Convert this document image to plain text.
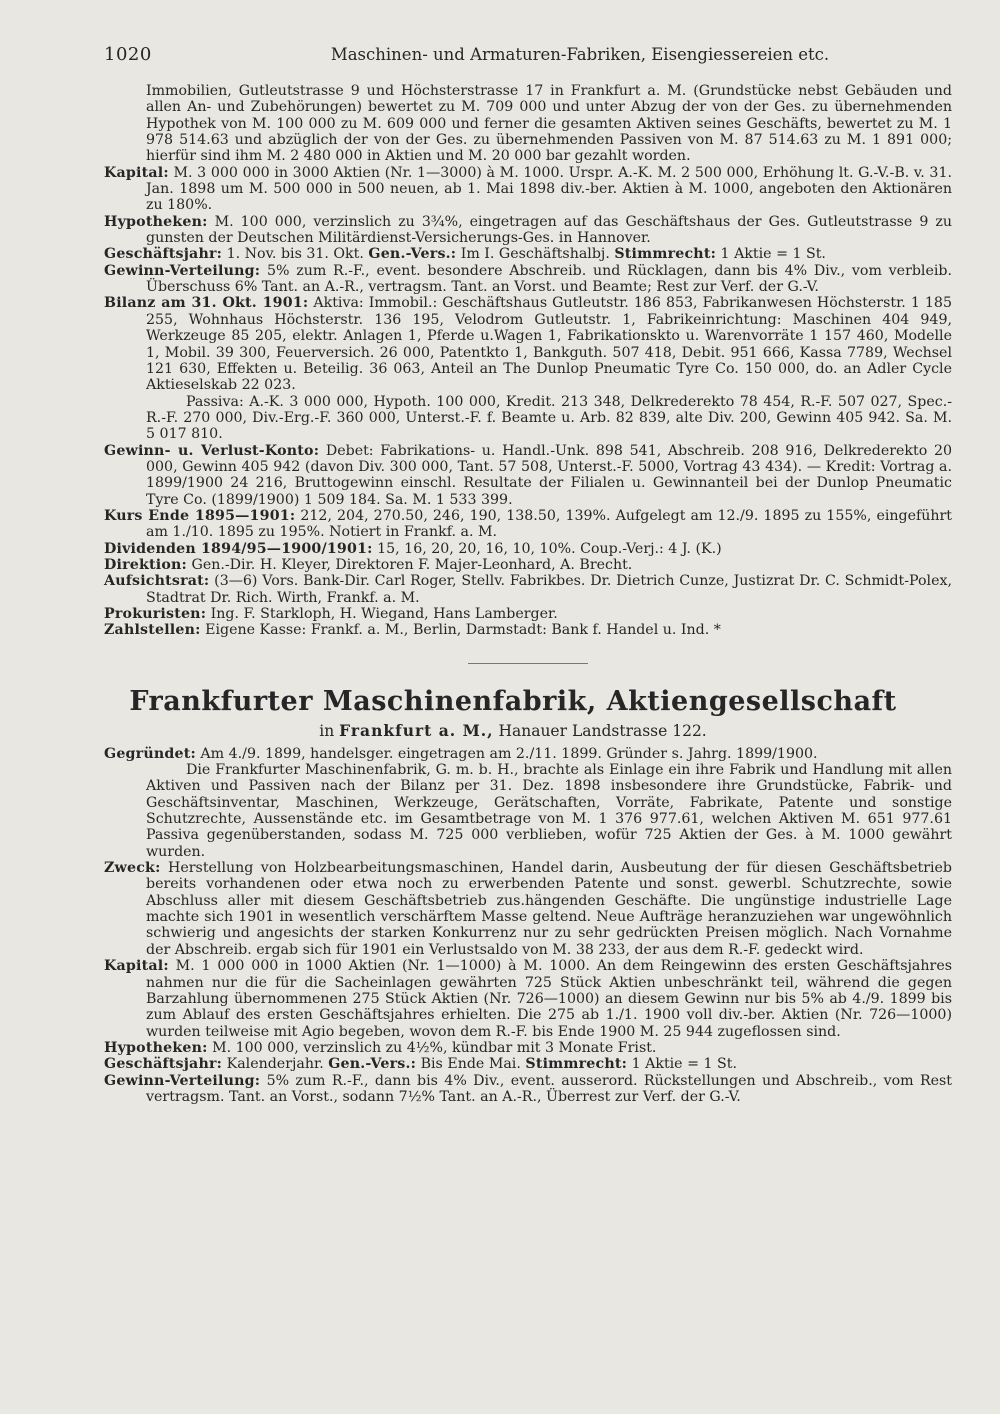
1020	Maschinen- und Armaturen-Fabriken, Eisengiessereien etc.

Immobilien, Gutleutstrasse 9 und Höchsterstrasse 17 in Frankfurt a. M. (Grundstücke nebst Gebäuden und allen An- und Zubehörungen) bewertet zu M. 709 000 und unter Abzug der von der Ges. zu übernehmenden Hypothek von M. 100 000 zu M. 609 000 und ferner die gesamten Aktiven seines Geschäfts, bewertet zu M. 1 978 514.63 und abzüglich der von der Ges. zu übernehmenden Passiven von M. 87 514.63 zu M. 1 891 000; hierfür sind ihm M. 2 480 000 in Aktien und M. 20 000 bar gezahlt worden.

Kapital: M. 3 000 000 in 3000 Aktien (Nr. 1—3000) à M. 1000. Urspr. A.-K. M. 2 500 000, Erhöhung lt. G.-V.-B. v. 31. Jan. 1898 um M. 500 000 in 500 neuen, ab 1. Mai 1898 div.-ber. Aktien à M. 1000, angeboten den Aktionären zu 180%.

Hypotheken: M. 100 000, verzinslich zu 3¾%, eingetragen auf das Geschäftshaus der Ges. Gutleutstrasse 9 zu gunsten der Deutschen Militärdienst-Versicherungs-Ges. in Hannover.

Geschäftsjahr: 1. Nov. bis 31. Okt. Gen.-Vers.: Im I. Geschäftshalbj. Stimmrecht: 1 Aktie = 1 St.

Gewinn-Verteilung: 5% zum R.-F., event. besondere Abschreib. und Rücklagen, dann bis 4% Div., vom verbleib. Überschuss 6% Tant. an A.-R., vertragsm. Tant. an Vorst. und Beamte; Rest zur Verf. der G.-V.

Bilanz am 31. Okt. 1901: Aktiva: Immobil.: Geschäftshaus Gutleutstr. 186 853, Fabrikanwesen Höchsterstr. 1 185 255, Wohnhaus Höchsterstr. 136 195, Velodrom Gutleutstr. 1, Fabrikeinrichtung: Maschinen 404 949, Werkzeuge 85 205, elektr. Anlagen 1, Pferde u.Wagen 1, Fabrikationskto u. Warenvorräte 1 157 460, Modelle 1, Mobil. 39 300, Feuerversich. 26 000, Patentkto 1, Bankguth. 507 418, Debit. 951 666, Kassa 7789, Wechsel 121 630, Effekten u. Beteilig. 36 063, Anteil an The Dunlop Pneumatic Tyre Co. 150 000, do. an Adler Cycle Aktieselskab 22 023.

Passiva: A.-K. 3 000 000, Hypoth. 100 000, Kredit. 213 348, Delkrederekto 78 454, R.-F. 507 027, Spec.-R.-F. 270 000, Div.-Erg.-F. 360 000, Unterst.-F. f. Beamte u. Arb. 82 839, alte Div. 200, Gewinn 405 942. Sa. M. 5 017 810.

Gewinn- u. Verlust-Konto: Debet: Fabrikations- u. Handl.-Unk. 898 541, Abschreib. 208 916, Delkrederekto 20 000, Gewinn 405 942 (davon Div. 300 000, Tant. 57 508, Unterst.-F. 5000, Vortrag 43 434). — Kredit: Vortrag a. 1899/1900 24 216, Bruttogewinn einschl. Resultate der Filialen u. Gewinnanteil bei der Dunlop Pneumatic Tyre Co. (1899/1900) 1 509 184. Sa. M. 1 533 399.

Kurs Ende 1895—1901: 212, 204, 270.50, 246, 190, 138.50, 139%. Aufgelegt am 12./9. 1895 zu 155%, eingeführt am 1./10. 1895 zu 195%. Notiert in Frankf. a. M.

Dividenden 1894/95—1900/1901: 15, 16, 20, 20, 16, 10, 10%. Coup.-Verj.: 4 J. (K.)

Direktion: Gen.-Dir. H. Kleyer, Direktoren F. Majer-Leonhard, A. Brecht.

Aufsichtsrat: (3—6) Vors. Bank-Dir. Carl Roger, Stellv. Fabrikbes. Dr. Dietrich Cunze, Justizrat Dr. C. Schmidt-Polex, Stadtrat Dr. Rich. Wirth, Frankf. a. M.

Prokuristen: Ing. F. Starkloph, H. Wiegand, Hans Lamberger.

Zahlstellen: Eigene Kasse: Frankf. a. M., Berlin, Darmstadt: Bank f. Handel u. Ind. *

Frankfurter Maschinenfabrik, Aktiengesellschaft
in Frankfurt a. M., Hanauer Landstrasse 122.

Gegründet: Am 4./9. 1899, handelsger. eingetragen am 2./11. 1899. Gründer s. Jahrg. 1899/1900.

Die Frankfurter Maschinenfabrik, G. m. b. H., brachte als Einlage ein ihre Fabrik und Handlung mit allen Aktiven und Passiven nach der Bilanz per 31. Dez. 1898 insbesondere ihre Grundstücke, Fabrik- und Geschäftsinventar, Maschinen, Werkzeuge, Gerätschaften, Vorräte, Fabrikate, Patente und sonstige Schutzrechte, Aussenstände etc. im Gesamtbetrage von M. 1 376 977.61, welchen Aktiven M. 651 977.61 Passiva gegenüberstanden, sodass M. 725 000 verblieben, wofür 725 Aktien der Ges. à M. 1000 gewährt wurden.

Zweck: Herstellung von Holzbearbeitungsmaschinen, Handel darin, Ausbeutung der für diesen Geschäftsbetrieb bereits vorhandenen oder etwa noch zu erwerbenden Patente und sonst. gewerbl. Schutzrechte, sowie Abschluss aller mit diesem Geschäftsbetrieb zus.hängenden Geschäfte. Die ungünstige industrielle Lage machte sich 1901 in wesentlich verschärftem Masse geltend. Neue Aufträge heranzuziehen war ungewöhnlich schwierig und angesichts der starken Konkurrenz nur zu sehr gedrückten Preisen möglich. Nach Vornahme der Abschreib. ergab sich für 1901 ein Verlustsaldo von M. 38 233, der aus dem R.-F. gedeckt wird.

Kapital: M. 1 000 000 in 1000 Aktien (Nr. 1—1000) à M. 1000. An dem Reingewinn des ersten Geschäftsjahres nahmen nur die für die Sacheinlagen gewährten 725 Stück Aktien unbeschränkt teil, während die gegen Barzahlung übernommenen 275 Stück Aktien (Nr. 726—1000) an diesem Gewinn nur bis 5% ab 4./9. 1899 bis zum Ablauf des ersten Geschäftsjahres erhielten. Die 275 ab 1./1. 1900 voll div.-ber. Aktien (Nr. 726—1000) wurden teilweise mit Agio begeben, wovon dem R.-F. bis Ende 1900 M. 25 944 zugeflossen sind.

Hypotheken: M. 100 000, verzinslich zu 4½%, kündbar mit 3 Monate Frist.

Geschäftsjahr: Kalenderjahr. Gen.-Vers.: Bis Ende Mai. Stimmrecht: 1 Aktie = 1 St.

Gewinn-Verteilung: 5% zum R.-F., dann bis 4% Div., event. ausserord. Rückstellungen und Abschreib., vom Rest vertragsm. Tant. an Vorst., sodann 7½% Tant. an A.-R., Überrest zur Verf. der G.-V.
